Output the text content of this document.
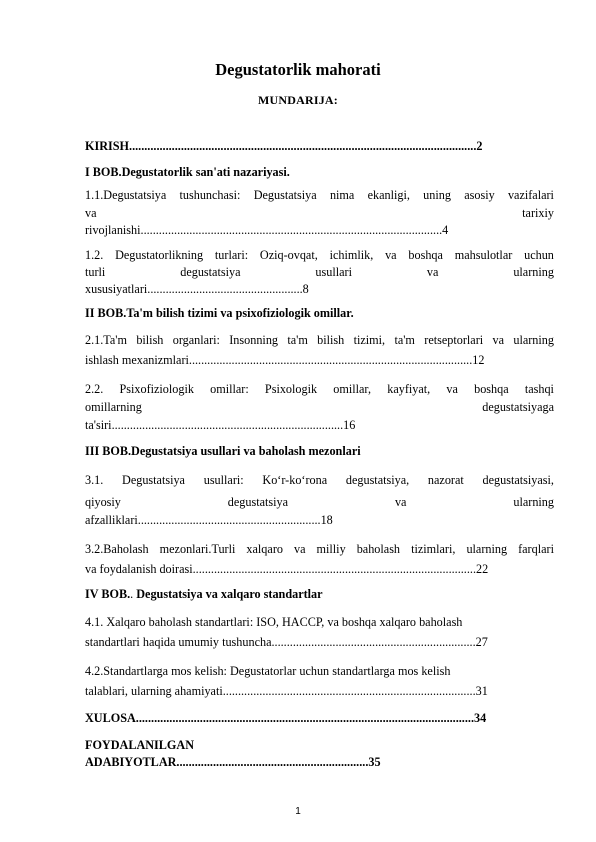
Degustatorlik mahorati
MUNDARIJA:
KIRISH..................................................................................................................2
I BOB.Degustatorlik san'ati nazariyasi.
1.1.Degustatsiya tushunchasi: Degustatsiya nima ekanligi, uning asosiy vazifalari
va	tarixiy
rivojlanishi...................................................................................................4
1.2. Degustatorlikning turlari: Oziq-ovqat, ichimlik, va boshqa mahsulotlar uchun
turli	degustatsiya	usullari	va	ularning
xususiyatlari...................................................8
II BOB.Ta'm bilish tizimi va psixofiziologik omillar.
2.1.Ta'm bilish organlari: Insonning ta'm bilish tizimi, ta'm retseptorlari va ularning
ishlash mexanizmlari.............................................................................................12
2.2. Psixofiziologik omillar: Psixologik omillar, kayfiyat, va boshqa tashqi
omillarning	degustatsiyaga
ta'siri............................................................................16
III BOB.Degustatsiya usullari va baholash mezonlari
3.1. Degustatsiya usullari: Ko‘r-ko‘rona degustatsiya, nazorat degustatsiyasi,
qiyosiy	degustatsiya	va	ularning
afzalliklari............................................................18
3.2.Baholash mezonlari.Turli xalqaro va milliy baholash tizimlari, ularning farqlari
va foydalanish doirasi.............................................................................................22
IV BOB.. Degustatsiya va xalqaro standartlar
4.1. Xalqaro baholash standartlari: ISO, HACCP, va boshqa xalqaro baholash
standartlari haqida umumiy tushuncha...................................................................27
4.2.Standartlarga mos kelish: Degustatorlar uchun standartlarga mos kelish
talablari, ularning ahamiyati...................................................................................31
XULOSA...............................................................................................................34
FOYDALANILGAN
ADABIYOTLAR...............................................................35
1
